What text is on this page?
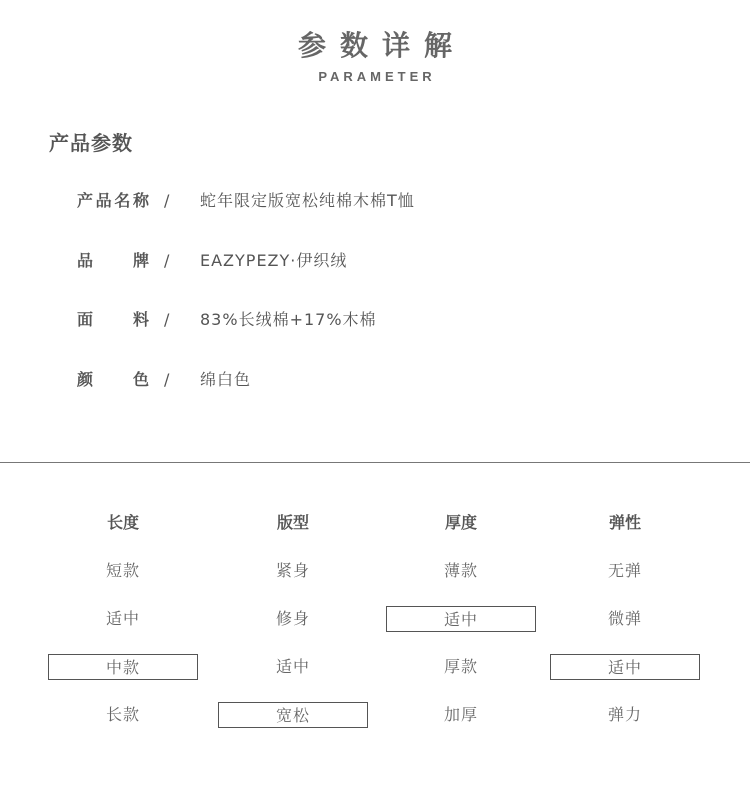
参数详解
PARAMETER
产品参数
产品名称 / 蛇年限定版宽松纯棉木棉T恤
品牌 / EAZYPEZY·伊织绒
面料 / 83%长绒棉+17%木棉
颜色 / 绵白色
长度
短款
适中
中款
长款
版型
紧身
修身
适中
宽松
厚度
薄款
适中
厚款
加厚
弹性
无弹
微弹
适中
弹力
